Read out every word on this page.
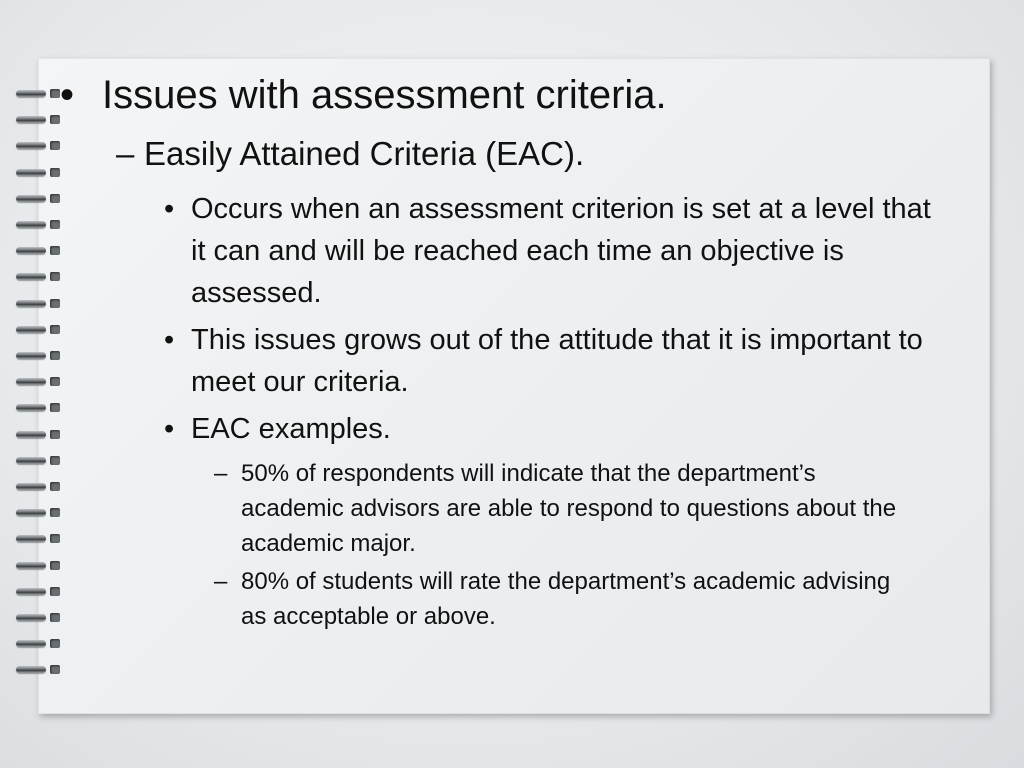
• Issues with assessment criteria.
– Easily Attained Criteria (EAC).
• Occurs when an assessment criterion is set at a level that it can and will be reached each time an objective is assessed.
• This issues grows out of the attitude that it is important to meet our criteria.
• EAC examples.
– 50% of respondents will indicate that the department’s academic advisors are able to respond to questions about the academic major.
– 80% of students will rate the department’s academic advising as acceptable or above.
